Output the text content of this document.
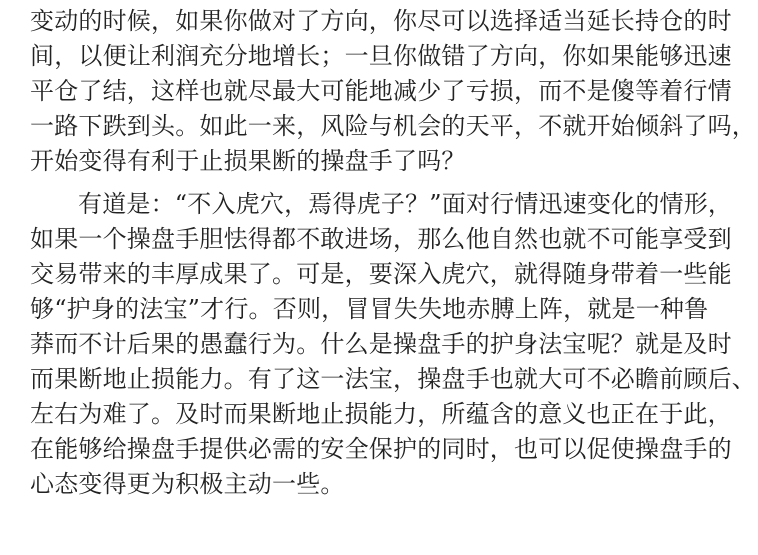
变动的时候，如果你做对了方向，你尽可以选择适当延长持仓的时
间，以便让利润充分地增长；一旦你做错了方向，你如果能够迅速
平仓了结，这样也就尽最大可能地减少了亏损，而不是傻等着行情
一路下跌到头。如此一来，风险与机会的天平，不就开始倾斜了吗，
开始变得有利于止损果断的操盘手了吗？
有道是：“不入虎穴，焉得虎子？”面对行情迅速变化的情形，
如果一个操盘手胆怯得都不敢进场，那么他自然也就不可能享受到
交易带来的丰厚成果了。可是，要深入虎穴，就得随身带着一些能
够“护身的法宝”才行。否则，冒冒失失地赤膊上阵，就是一种鲁
莽而不计后果的愚蠢行为。什么是操盘手的护身法宝呢？就是及时
而果断地止损能力。有了这一法宝，操盘手也就大可不必瞻前顾后、
左右为难了。及时而果断地止损能力，所蕴含的意义也正在于此，
在能够给操盘手提供必需的安全保护的同时，也可以促使操盘手的
心态变得更为积极主动一些。
